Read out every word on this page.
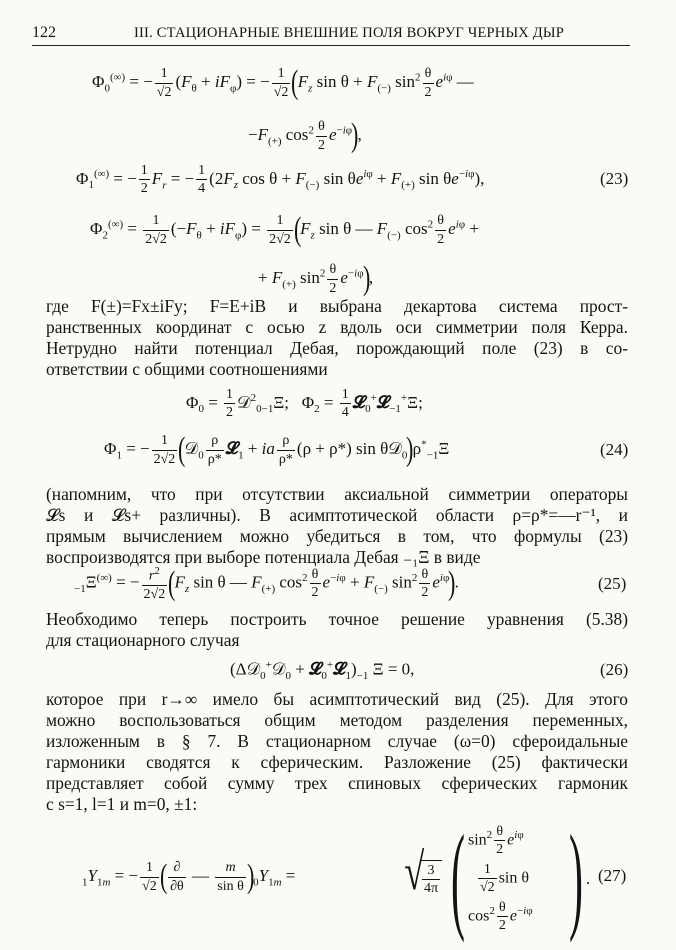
122	III. СТАЦИОНАРНЫЕ ВНЕШНИЕ ПОЛЯ ВОКРУГ ЧЕРНЫХ ДЫР
$\Phi_0^{(\infty)}$ = − $\frac{1}{√2} (F_\theta + iF_\varphi)$ = − $\frac{1}{√2} (F_z$ $\sin \theta + F_{(-)}$ $\sin^2 \frac{\theta}{2} e^{i\varphi}$ —
$-F_{(+)}$ $\cos^2 \frac{\theta}{2} e^{-i\varphi}$),
$\Phi_1^{(\infty)}$ = − $\frac{1}{2} F_r$ = − $\frac{1}{4} (2F_z$ $\cos \theta + F_{(-)}$ $\sin \theta e^{i\varphi} + F_{(+)}$ $\sin \theta e^{-i\varphi}$),	(23)
$\Phi_2^{(\infty)} = \frac{1}{2√2} (-F_\theta + iF_\varphi) = \frac{1}{2√2} (F_z$ sin θ — $F_{(-)}$ $\cos^2 \frac{\theta}{2} e^{i\varphi}$ +
+ $F_{(+)}$ $\sin^2 \frac{\theta}{2} e^{-i\varphi}$),
где F(±)=Fx±iFy; F=E+iB и выбрана декартова система прост-
ранственных координат с осью z вдоль оси симметрии поля Керра.
Нетрудно найти потенциал Дебая, порождающий поле (23) в со-
ответствии с общими соотношениями
$\Phi_0 = \frac{1}{2}$ 𝒟$^2_{0-1}$Ξ;   $\Phi_2 = \frac{1}{4}$ 𝓛$_0$+𝓛$_{-1}$+Ξ;
$\Phi_1$ = − $\frac{1}{2√2}$ (𝒟$_0$ $\frac{\rho}{\rho*}$ 𝓛$_1$ + ia $\frac{\rho}{\rho*} (\rho + \rho*)$ $\sin \theta 𝒟_0)\rho^*_{-1}\Xi$	(24)
(напомним, что при отсутствии аксиальной симметрии операторы
𝓛s и 𝓛s+ различны). В асимптотической области ρ=ρ*=—r⁻¹, и
прямым вычислением можно убедиться в том, что формулы (23)
воспроизводятся при выборе потенциала Дебая ₋₁Ξ в виде
$_{-1}$Ξ(∞) = − $\frac{r^2}{2√2} (F_z$ sin θ — $F_{(+)}$ $\cos^2 \frac{\theta}{2} e^{-i\varphi} + F_{(-)}$ $\sin^2 \frac{\theta}{2} e^{i\varphi}$).	(25)
Необходимо теперь построить точное решение уравнения (5.38)
для стационарного случая
(Δ𝒟$_0$+𝒟$_0$ + $𝓛_0^+𝓛_1)_{-1}$ Ξ = 0,	(26)
которое при r→∞ имело бы асимптотический вид (25). Для этого
можно воспользоваться общим методом разделения переменных,
изложенным в § 7. В стационарном случае (ω=0) сфероидальные
гармоники сводятся к сферическим. Разложение (25) фактически
представляет собой сумму трех спиновых сферических гармоник
с s=1, l=1 и m=0, ±1:
$_1Y_{1m}$ = − $\frac{1}{√2}$ ( $\frac{\partial}{\partial\theta}$ — $\frac{m}{\text{sin θ}} )_0Y_{1m}$ = √
$\frac{3}{4\pi}$ ( $\sin^2 \frac{\theta}{2} e^{i\varphi}$
$\frac{1}{√2}$ sin θ
$\cos^2 \frac{\theta}{2} e^{-i\varphi}$ ) . (27)
